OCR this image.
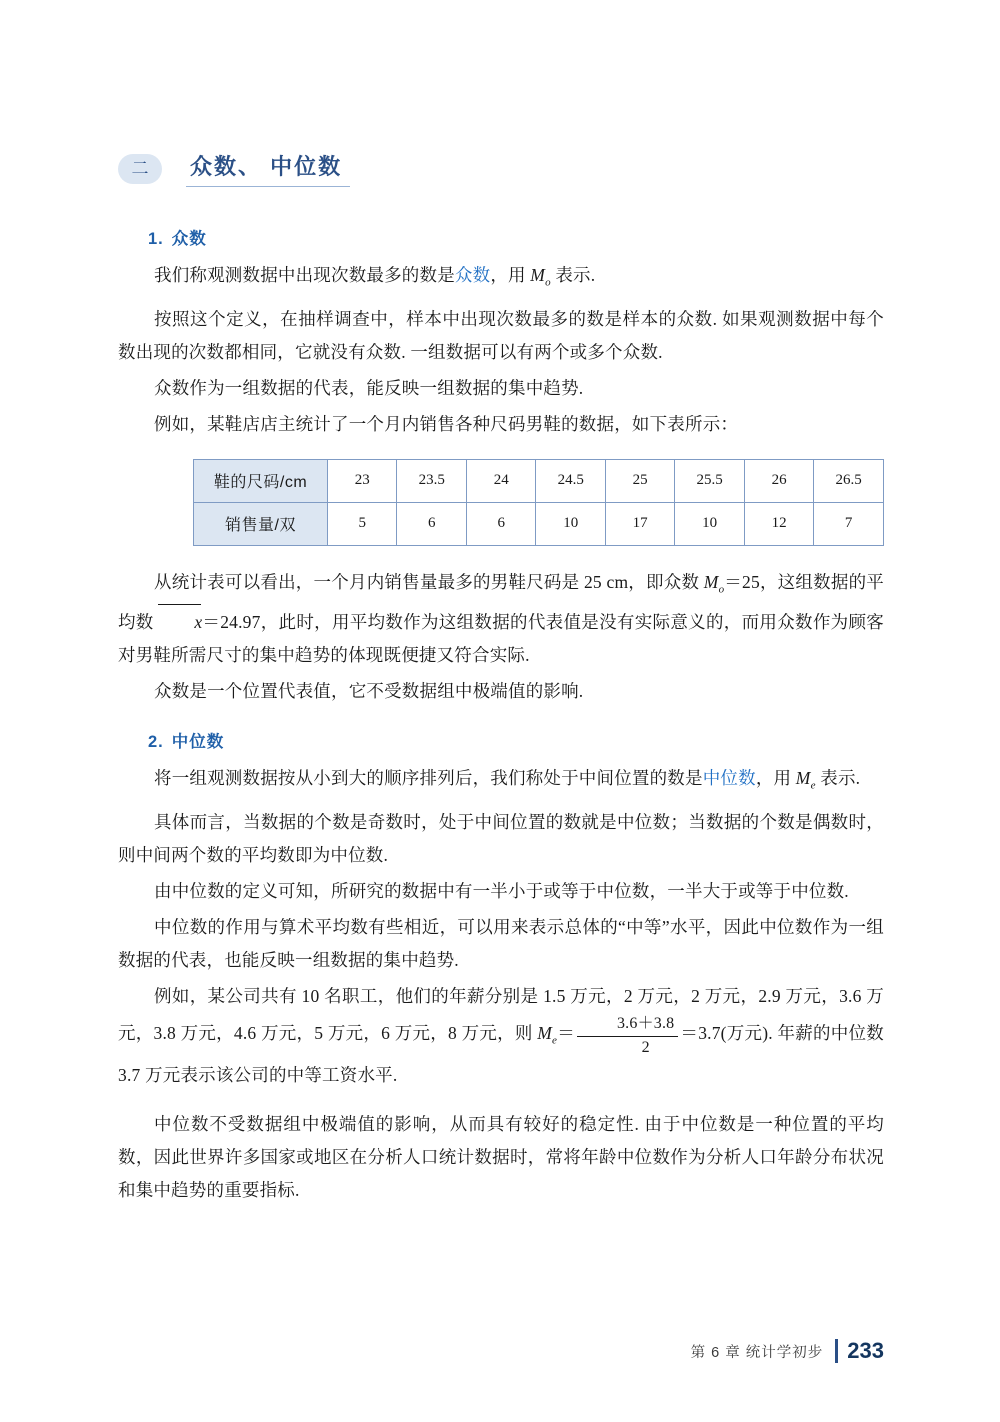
二	众数、 中位数
1. 众数

我们称观测数据中出现次数最多的数是众数，用 $M_o$ 表示.

按照这个定义，在抽样调查中，样本中出现次数最多的数是样本的众数. 如果观测数据中每个数出现的次数都相同，它就没有众数. 一组数据可以有两个或多个众数.

众数作为一组数据的代表，能反映一组数据的集中趋势.

例如，某鞋店店主统计了一个月内销售各种尺码男鞋的数据，如下表所示：

鞋的尺码/cm	23	23.5	24	24.5	25	25.5	26	26.5
销售量/双	5	6	6	10	17	10	12	7

从统计表可以看出，一个月内销售量最多的男鞋尺码是 25 cm，即众数 $M_o=25$，这组数据的平均数 x＝24.97，此时，用平均数作为这组数据的代表值是没有实际意义的，而用众数作为顾客对男鞋所需尺寸的集中趋势的体现既便捷又符合实际.

众数是一个位置代表值，它不受数据组中极端值的影响.

2. 中位数

将一组观测数据按从小到大的顺序排列后，我们称处于中间位置的数是中位数，用 $M_e$ 表示.

具体而言，当数据的个数是奇数时，处于中间位置的数就是中位数；当数据的个数是偶数时，则中间两个数的平均数即为中位数.

由中位数的定义可知，所研究的数据中有一半小于或等于中位数，一半大于或等于中位数.

中位数的作用与算术平均数有些相近，可以用来表示总体的“中等”水平，因此中位数作为一组数据的代表，也能反映一组数据的集中趋势.

例如，某公司共有 10 名职工，他们的年薪分别是 1.5 万元，2 万元，2 万元，2.9 万元，3.6 万元，3.8 万元，4.6 万元，5 万元，6 万元，8 万元，则 $M_e= \frac{3.6+3.8}{2} =3.7$(万元). 年薪的中位数 3.7 万元表示该公司的中等工资水平.

中位数不受数据组中极端值的影响，从而具有较好的稳定性. 由于中位数是一种位置的平均数，因此世界许多国家或地区在分析人口统计数据时，常将年龄中位数作为分析人口年龄分布状况和集中趋势的重要指标.

第 6 章 统计学初步 233
